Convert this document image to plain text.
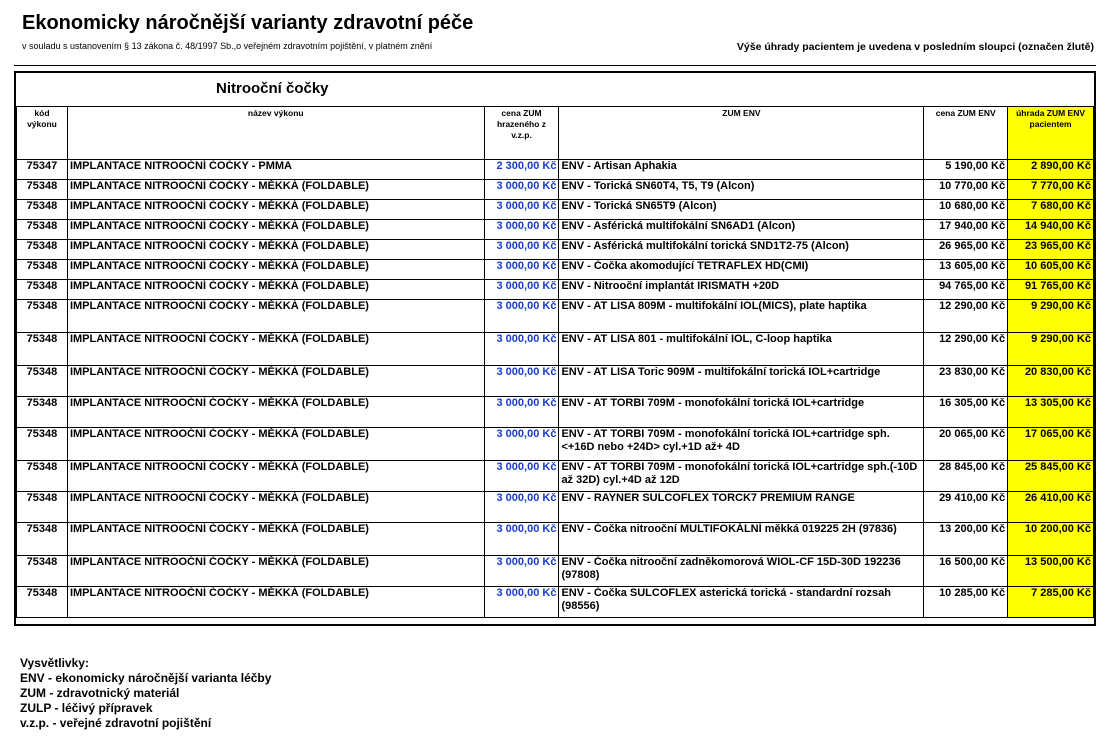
Ekonomicky náročnější varianty zdravotní péče
v souladu s ustanovením § 13 zákona č. 48/1997 Sb.,o veřejném zdravotním pojištění, v platném znění	Výše úhrady pacientem je uvedena v posledním sloupci (označen žlutě)
Nitrooční čočky
kód výkonu	název výkonu	cena ZUM hrazeného z v.z.p.	ZUM ENV	cena ZUM ENV	úhrada ZUM ENV pacientem
75347	IMPLANTACE NITROOČNÍ ČOČKY - PMMA	2 300,00 Kč	ENV - Artisan Aphakia	5 190,00 Kč	2 890,00 Kč
75348	IMPLANTACE NITROOČNÍ ČOČKY - MĚKKÁ (FOLDABLE)	3 000,00 Kč	ENV - Torická SN60T4, T5, T9 (Alcon)	10 770,00 Kč	7 770,00 Kč
75348	IMPLANTACE NITROOČNÍ ČOČKY - MĚKKÁ (FOLDABLE)	3 000,00 Kč	ENV - Torická SN65T9 (Alcon)	10 680,00 Kč	7 680,00 Kč
75348	IMPLANTACE NITROOČNÍ ČOČKY - MĚKKÁ (FOLDABLE)	3 000,00 Kč	ENV - Asférická multifokální SN6AD1 (Alcon)	17 940,00 Kč	14 940,00 Kč
75348	IMPLANTACE NITROOČNÍ ČOČKY - MĚKKÁ (FOLDABLE)	3 000,00 Kč	ENV - Asférická multifokální torická SND1T2-75 (Alcon)	26 965,00 Kč	23 965,00 Kč
75348	IMPLANTACE NITROOČNÍ ČOČKY - MĚKKÁ (FOLDABLE)	3 000,00 Kč	ENV - Čočka akomodující TETRAFLEX HD(CMI)	13 605,00 Kč	10 605,00 Kč
75348	IMPLANTACE NITROOČNÍ ČOČKY - MĚKKÁ (FOLDABLE)	3 000,00 Kč	ENV - Nitrooční implantát IRISMATH +20D	94 765,00 Kč	91 765,00 Kč
75348	IMPLANTACE NITROOČNÍ ČOČKY - MĚKKÁ (FOLDABLE)	3 000,00 Kč	ENV - AT LISA 809M - multifokální IOL(MICS), plate haptika	12 290,00 Kč	9 290,00 Kč
75348	IMPLANTACE NITROOČNÍ ČOČKY - MĚKKÁ (FOLDABLE)	3 000,00 Kč	ENV - AT LISA 801 - multifokální IOL, C-loop haptika	12 290,00 Kč	9 290,00 Kč
75348	IMPLANTACE NITROOČNÍ ČOČKY - MĚKKÁ (FOLDABLE)	3 000,00 Kč	ENV - AT LISA Toric 909M - multifokální torická IOL+cartridge	23 830,00 Kč	20 830,00 Kč
75348	IMPLANTACE NITROOČNÍ ČOČKY - MĚKKÁ (FOLDABLE)	3 000,00 Kč	ENV - AT TORBI 709M - monofokální torická IOL+cartridge	16 305,00 Kč	13 305,00 Kč
75348	IMPLANTACE NITROOČNÍ ČOČKY - MĚKKÁ (FOLDABLE)	3 000,00 Kč	ENV - AT TORBI 709M - monofokální torická IOL+cartridge sph. <+16D nebo +24D> cyl.+1D až+ 4D	20 065,00 Kč	17 065,00 Kč
75348	IMPLANTACE NITROOČNÍ ČOČKY - MĚKKÁ (FOLDABLE)	3 000,00 Kč	ENV - AT TORBI 709M - monofokální torická IOL+cartridge sph.(-10D až 32D) cyl.+4D až 12D	28 845,00 Kč	25 845,00 Kč
75348	IMPLANTACE NITROOČNÍ ČOČKY - MĚKKÁ (FOLDABLE)	3 000,00 Kč	ENV - RAYNER SULCOFLEX TORCK7 PREMIUM RANGE	29 410,00 Kč	26 410,00 Kč
75348	IMPLANTACE NITROOČNÍ ČOČKY - MĚKKÁ (FOLDABLE)	3 000,00 Kč	ENV - Čočka nitrooční MULTIFOKÁLNÍ měkká 019225 2H (97836)	13 200,00 Kč	10 200,00 Kč
75348	IMPLANTACE NITROOČNÍ ČOČKY - MĚKKÁ (FOLDABLE)	3 000,00 Kč	ENV - Čočka nitrooční zadněkomorová WIOL-CF 15D-30D 192236 (97808)	16 500,00 Kč	13 500,00 Kč
75348	IMPLANTACE NITROOČNÍ ČOČKY - MĚKKÁ (FOLDABLE)	3 000,00 Kč	ENV - Čočka SULCOFLEX asterická torická - standardní rozsah (98556)	10 285,00 Kč	7 285,00 Kč
Vysvětlivky:
ENV - ekonomicky náročnější varianta léčby
ZUM - zdravotnický materiál
ZULP - léčivý přípravek
v.z.p. - veřejné zdravotní pojištění
